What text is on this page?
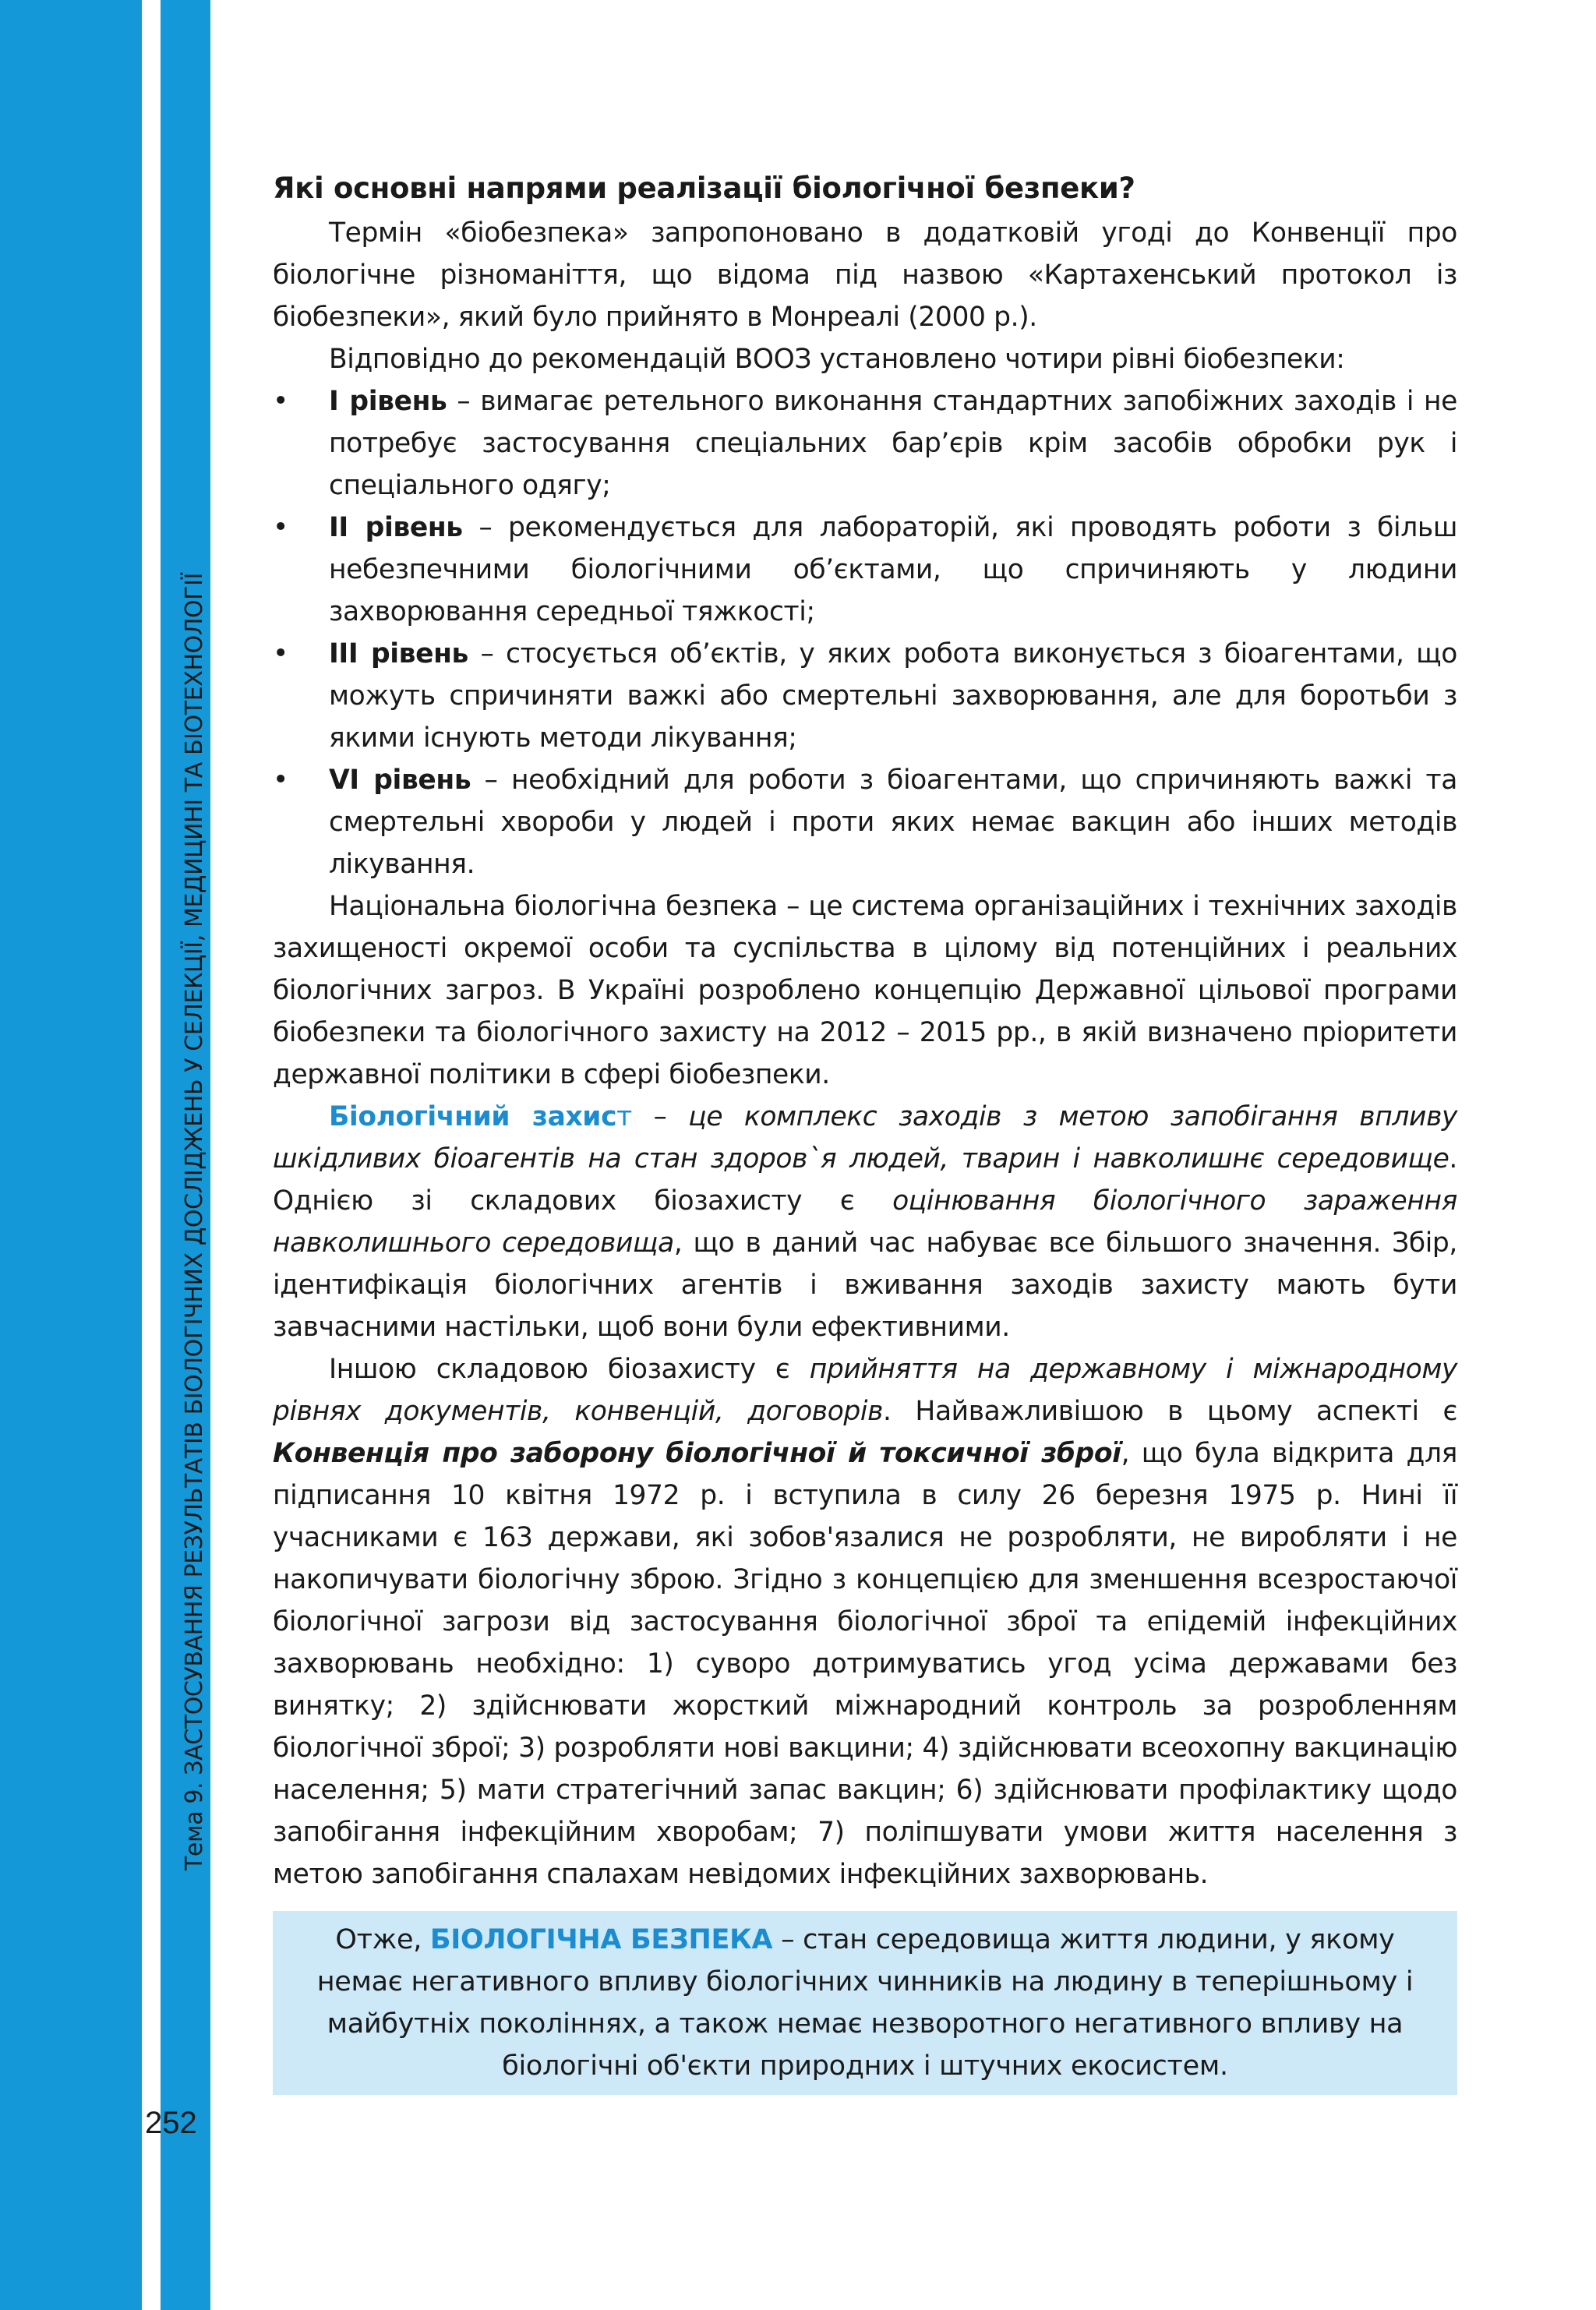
Тема 9. ЗАСТОСУВАННЯ РЕЗУЛЬТАТІВ БІОЛОГІЧНИХ ДОСЛІДЖЕНЬ У СЕЛЕКЦІЇ, МЕДИЦИНІ ТА БІОТЕХНОЛОГІЇ
252
Які основні напрями реалізації біологічної безпеки?

Термін «біобезпека» запропоновано в додатковій угоді до Конвенції про біологічне різноманіття, що відома під назвою «Картахенський протокол із біобезпеки», який було прийнято в Монреалі (2000 р.).

Відповідно до рекомендацій ВООЗ установлено чотири рівні біобезпеки:

• І рівень – вимагає ретельного виконання стандартних запобіжних заходів і не потребує застосування спеціальних бар’єрів крім засобів обробки рук і спеціального одягу;
• ІІ рівень – рекомендується для лабораторій, які проводять роботи з більш небезпечними біологічними об’єктами, що спричиняють у людини захворювання середньої тяжкості;
• ІІІ рівень – стосується об’єктів, у яких робота виконується з біоагентами, що можуть спричиняти важкі або смертельні захворювання, але для боротьби з якими існують методи лікування;
• VІ рівень – необхідний для роботи з біоагентами, що спричиняють важкі та смертельні хвороби у людей і проти яких немає вакцин або інших методів лікування.

Національна біологічна безпека – це система організаційних і технічних заходів захищеності окремої особи та суспільства в цілому від потенційних і реальних біологічних загроз. В Україні розроблено концепцію Державної цільової програми біобезпеки та біологічного захисту на 2012 – 2015 рр., в якій визначено пріоритети державної політики в сфері біобезпеки.

Біологічний захист – це комплекс заходів з метою запобігання впливу шкідливих біоагентів на стан здоров`я людей, тварин і навколишнє середовище. Однією зі складових біозахисту є оцінювання біологічного зараження навколишнього середовища, що в даний час набуває все більшого значення. Збір, ідентифікація біологічних агентів і вживання заходів захисту мають бути завчасними настільки, щоб вони були ефективними.

Іншою складовою біозахисту є прийняття на державному і міжнародному рівнях документів, конвенцій, договорів. Найважливішою в цьому аспекті є Конвенція про заборону біологічної й токсичної зброї, що була відкрита для підписання 10 квітня 1972 р. і вступила в силу 26 березня 1975 р. Нині її учасниками є 163 держави, які зобов'язалися не розробляти, не виробляти і не накопичувати біологічну зброю. Згідно з концепцією для зменшення всезростаючої біологічної загрози від застосування біологічної зброї та епідемій інфекційних захворювань необхідно: 1) суворо дотримуватись угод усіма державами без винятку; 2) здійснювати жорсткий міжнародний контроль за розробленням біологічної зброї; 3) розробляти нові вакцини; 4) здійснювати всеохопну вакцинацію населення; 5) мати стратегічний запас вакцин; 6) здійснювати профілактику щодо запобігання інфекційним хворобам; 7) поліпшувати умови життя населення з метою запобігання спалахам невідомих інфекційних захворювань.

Отже, БІОЛОГІЧНА БЕЗПЕКА – стан середовища життя людини, у якому немає негативного впливу біологічних чинників на людину в теперішньому і майбутніх поколіннях, а також немає незворотного негативного впливу на біологічні об'єкти природних і штучних екосистем.
